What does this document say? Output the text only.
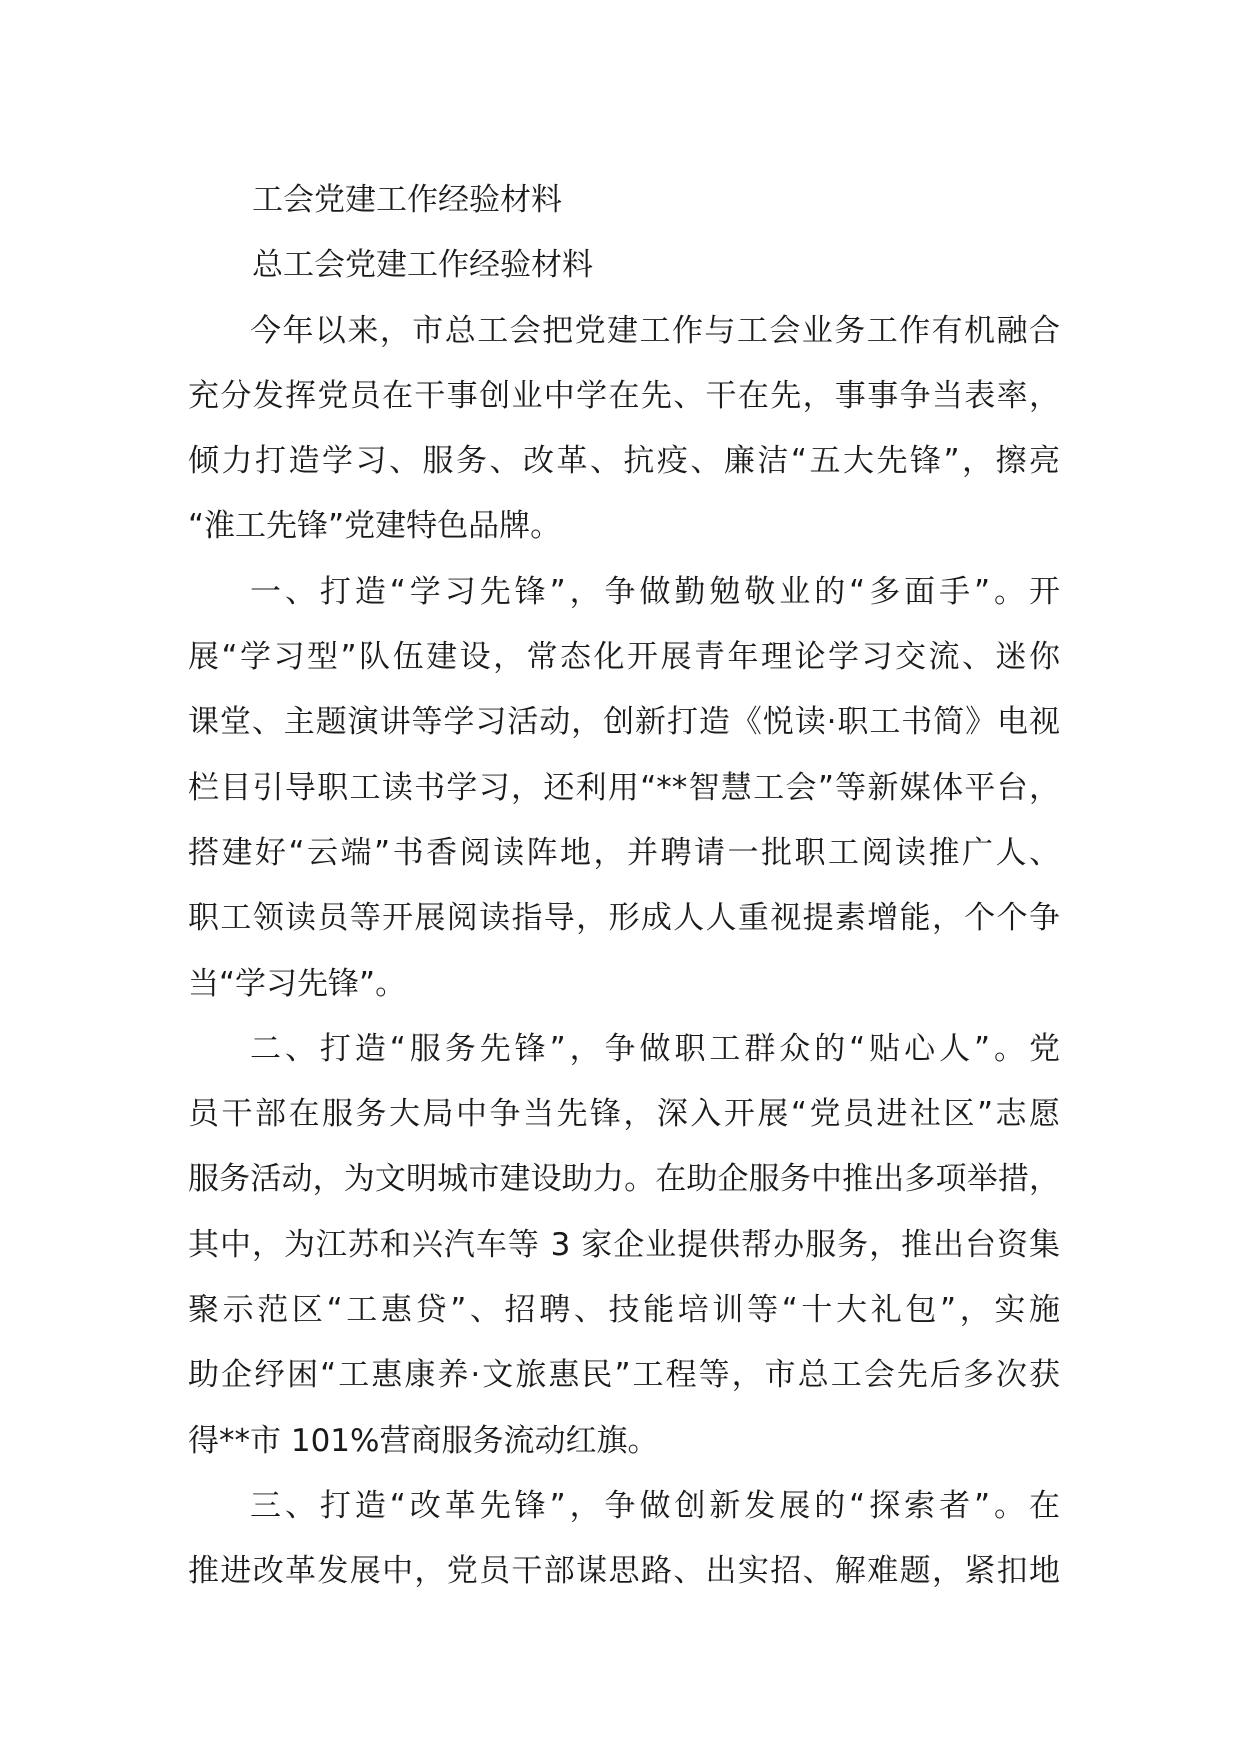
工会党建工作经验材料
总工会党建工作经验材料
今年以来，市总工会把党建工作与工会业务工作有机融合
充分发挥党员在干事创业中学在先、干在先，事事争当表率，
倾力打造学习、服务、改革、抗疫、廉洁“五大先锋”，擦亮
“淮工先锋”党建特色品牌。
一、打造“学习先锋”，争做勤勉敬业的“多面手”。开
展“学习型”队伍建设，常态化开展青年理论学习交流、迷你
课堂、主题演讲等学习活动，创新打造《悦读·职工书简》电视
栏目引导职工读书学习，还利用“**智慧工会”等新媒体平台，
搭建好“云端”书香阅读阵地，并聘请一批职工阅读推广人、
职工领读员等开展阅读指导，形成人人重视提素增能，个个争
当“学习先锋”。
二、打造“服务先锋”，争做职工群众的“贴心人”。党
员干部在服务大局中争当先锋，深入开展“党员进社区”志愿
服务活动，为文明城市建设助力。在助企服务中推出多项举措，
其中，为江苏和兴汽车等 3 家企业提供帮办服务，推出台资集
聚示范区“工惠贷”、招聘、技能培训等“十大礼包”，实施
助企纾困“工惠康养·文旅惠民”工程等，市总工会先后多次获
得**市 101%营商服务流动红旗。
三、打造“改革先锋”，争做创新发展的“探索者”。在
推进改革发展中，党员干部谋思路、出实招、解难题，紧扣地
